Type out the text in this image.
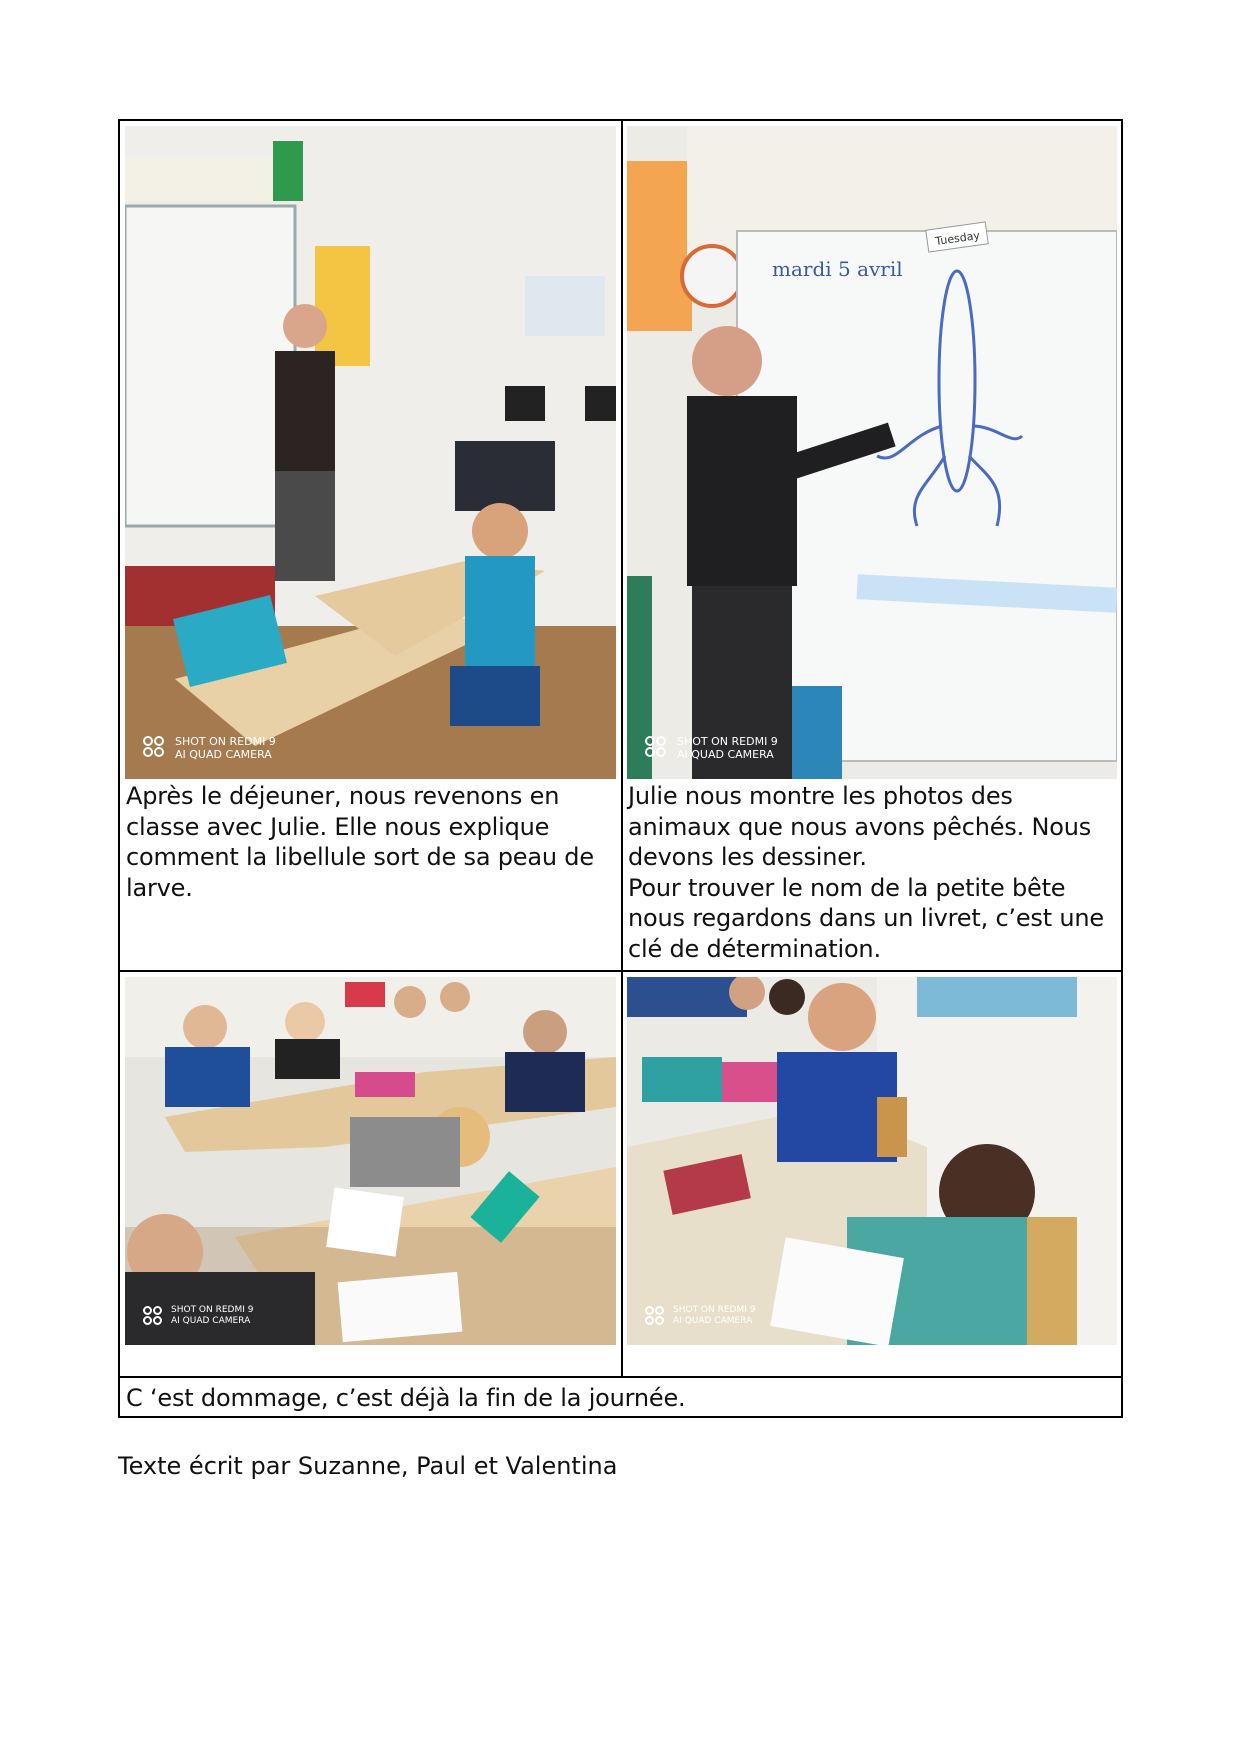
SHOT ON REDMI 9
AI QUAD CAMERA
mardi 5 avril
Tuesday
SHOT ON REDMI 9
AI QUAD CAMERA
Après le déjeuner, nous revenons en classe avec Julie. Elle nous explique comment la libellule sort de sa peau de larve.
Julie nous montre les photos des animaux que nous avons pêchés. Nous devons les dessiner.
Pour trouver le nom de la petite bête nous regardons dans un livret, c’est une clé de détermination.
SHOT ON REDMI 9
AI QUAD CAMERA
SHOT ON REDMI 9
AI QUAD CAMERA
C ‘est dommage, c’est déjà la fin de la journée.
Texte écrit par Suzanne, Paul et Valentina
